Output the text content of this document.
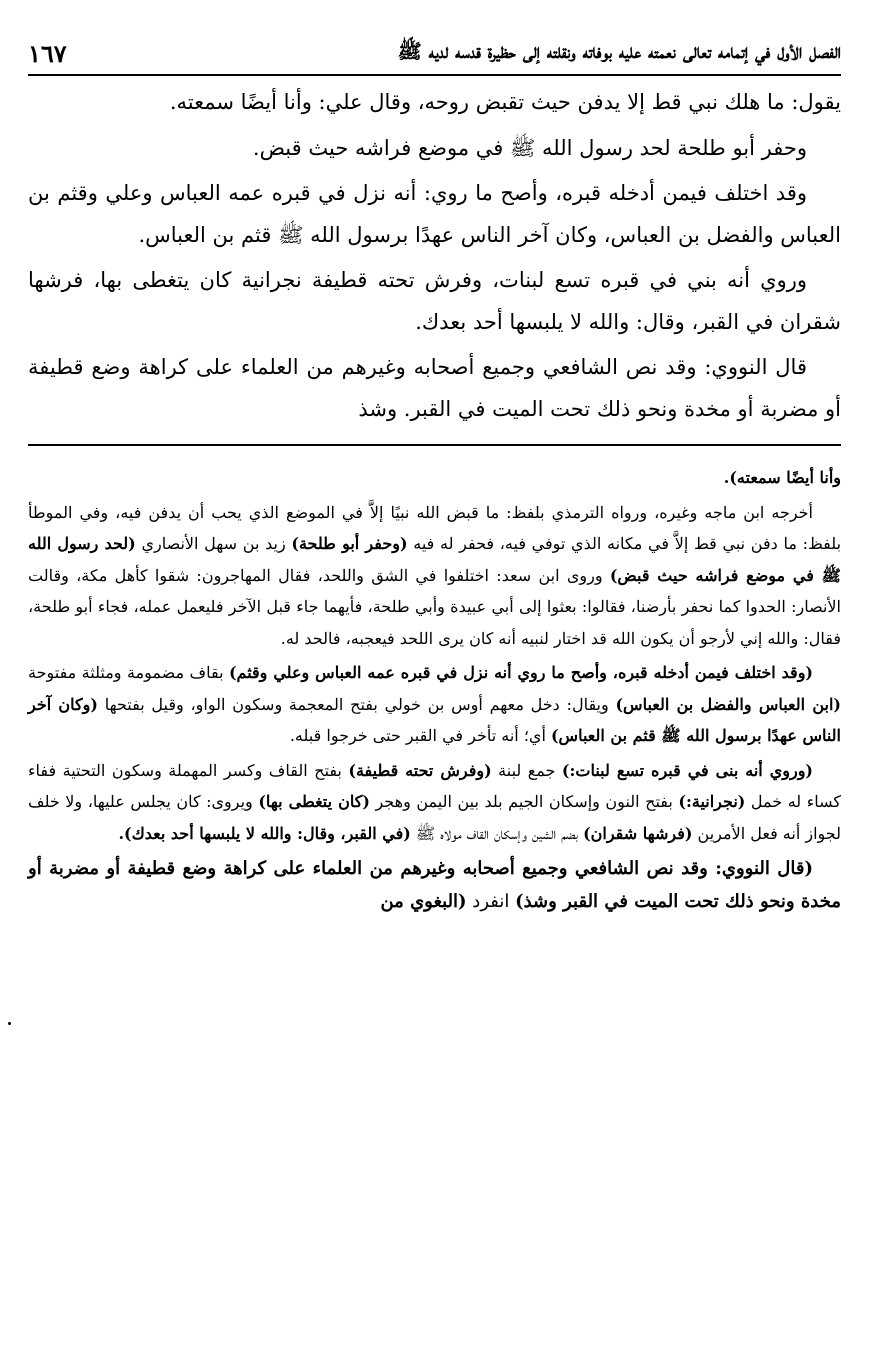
الفصل الأول في إتمامه تعالى نعمته عليه بوفاته ونقلته إلى حظيرة قدسه لديه ﷺ
١٦٧

يقول: ما هلك نبي قط إلا يدفن حيث تقبض روحه، وقال علي: وأنا أيضًا سمعته.

وحفر أبو طلحة لحد رسول الله ﷺ في موضع فراشه حيث قبض.

وقد اختلف فيمن أدخله قبره، وأصح ما روي: أنه نزل في قبره عمه العباس وعلي وقثم بن العباس والفضل بن العباس، وكان آخر الناس عهدًا برسول الله ﷺ قثم بن العباس.

وروي أنه بني في قبره تسع لبنات، وفرش تحته قطيفة نجرانية كان يتغطى بها، فرشها شقران في القبر، وقال: والله لا يلبسها أحد بعدك.

قال النووي: وقد نص الشافعي وجميع أصحابه وغيرهم من العلماء على كراهة وضع قطيفة أو مضربة أو مخدة ونحو ذلك تحت الميت في القبر. وشذ

وأنا أيضًا سمعته).

أخرجه ابن ماجه وغيره، ورواه الترمذي بلفظ: ما قبض الله نبيًا إلاَّ في الموضع الذي يحب أن يدفن فيه، وفي الموطأ بلفظ: ما دفن نبي قط إلاَّ في مكانه الذي توفي فيه، فحفر له فيه (وحفر أبو طلحة) زيد بن سهل الأنصاري (لحد رسول الله ﷺ في موضع فراشه حيث قبض) وروى ابن سعد: اختلفوا في الشق واللحد، فقال المهاجرون: شقوا كأهل مكة، وقالت الأنصار: الحدوا كما نحفر بأرضنا، فقالوا: بعثوا إلى أبي عبيدة وأبي طلحة، فأيهما جاء قبل الآخر فليعمل عمله، فجاء أبو طلحة، فقال: والله إني لأرجو أن يكون الله قد اختار لنبيه أنه كان يرى اللحد فيعجبه، فالحد له.

(وقد اختلف فيمن أدخله قبره، وأصح ما روي أنه نزل في قبره عمه العباس وعلي وقثم) بقاف مضمومة ومثلثة مفتوحة (ابن العباس والفضل بن العباس) ويقال: دخل معهم أوس بن خولي بفتح المعجمة وسكون الواو، وقيل بفتحها (وكان آخر الناس عهدًا برسول الله ﷺ قثم بن العباس) أي؛ أنه تأخر في القبر حتى خرجوا قبله.

(وروي أنه بنى في قبره تسع لبنات:) جمع لبنة (وفرش تحته قطيفة) بفتح القاف وكسر المهملة وسكون التحتية ففاء كساء له خمل (نجرانية:) بفتح النون وإسكان الجيم بلد بين اليمن وهجر (كان يتغطى بها) ويروى: كان يجلس عليها، ولا خلف لجواز أنه فعل الأمرين (فرشها شقران) بضم الشين وإسكان القاف مولاه ﷺ (في القبر، وقال: والله لا يلبسها أحد بعدك).

(قال النووي: وقد نص الشافعي وجميع أصحابه وغيرهم من العلماء على كراهة وضع قطيفة أو مضربة أو مخدة ونحو ذلك تحت الميت في القبر وشذ) انفرد (البغوي من
